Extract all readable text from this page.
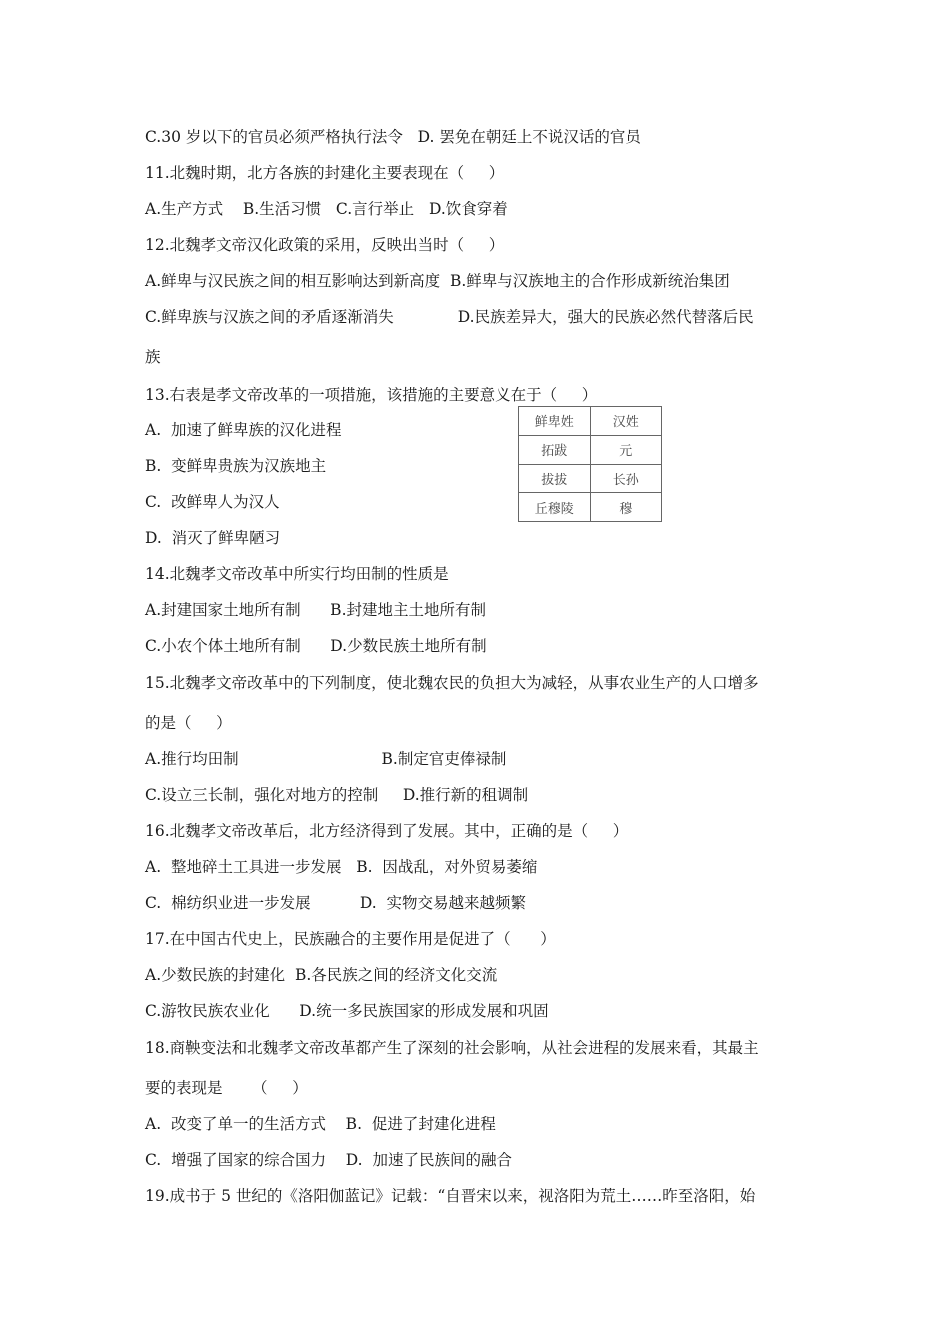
C.30 岁以下的官员必须严格执行法令   D. 罢免在朝廷上不说汉话的官员
11.北魏时期，北方各族的封建化主要表现在（     ）
A.生产方式    B.生活习惯   C.言行举止   D.饮食穿着
12.北魏孝文帝汉化政策的采用，反映出当时（     ）
A.鲜卑与汉民族之间的相互影响达到新高度  B.鲜卑与汉族地主的合作形成新统治集团
C.鲜卑族与汉族之间的矛盾逐渐消失             D.民族差异大，强大的民族必然代替落后民
族
13.右表是孝文帝改革的一项措施，该措施的主要意义在于（     ）
A.  加速了鲜卑族的汉化进程
B.  变鲜卑贵族为汉族地主
C.  改鲜卑人为汉人
D.  消灭了鲜卑陋习
14.北魏孝文帝改革中所实行均田制的性质是
A.封建国家土地所有制      B.封建地主土地所有制
C.小农个体土地所有制      D.少数民族土地所有制
15.北魏孝文帝改革中的下列制度，使北魏农民的负担大为减轻，从事农业生产的人口增多
的是（     ）
A.推行均田制                             B.制定官吏俸禄制
C.设立三长制，强化对地方的控制     D.推行新的租调制
16.北魏孝文帝改革后，北方经济得到了发展。其中，正确的是（     ）
A.  整地碎土工具进一步发展   B.  因战乱，对外贸易萎缩
C.  棉纺织业进一步发展          D.  实物交易越来越频繁
17.在中国古代史上，民族融合的主要作用是促进了（      ）
A.少数民族的封建化  B.各民族之间的经济文化交流
C.游牧民族农业化      D.统一多民族国家的形成发展和巩固
18.商鞅变法和北魏孝文帝改革都产生了深刻的社会影响，从社会进程的发展来看，其最主
要的表现是      （     ）
A.  改变了单一的生活方式    B.  促进了封建化进程
C.  增强了国家的综合国力    D.  加速了民族间的融合
19.成书于 5 世纪的《洛阳伽蓝记》记载：“自晋宋以来，视洛阳为荒土……昨至洛阳，始
鲜卑姓	汉姓
拓跋	元
拔拔	长孙
丘穆陵	穆
